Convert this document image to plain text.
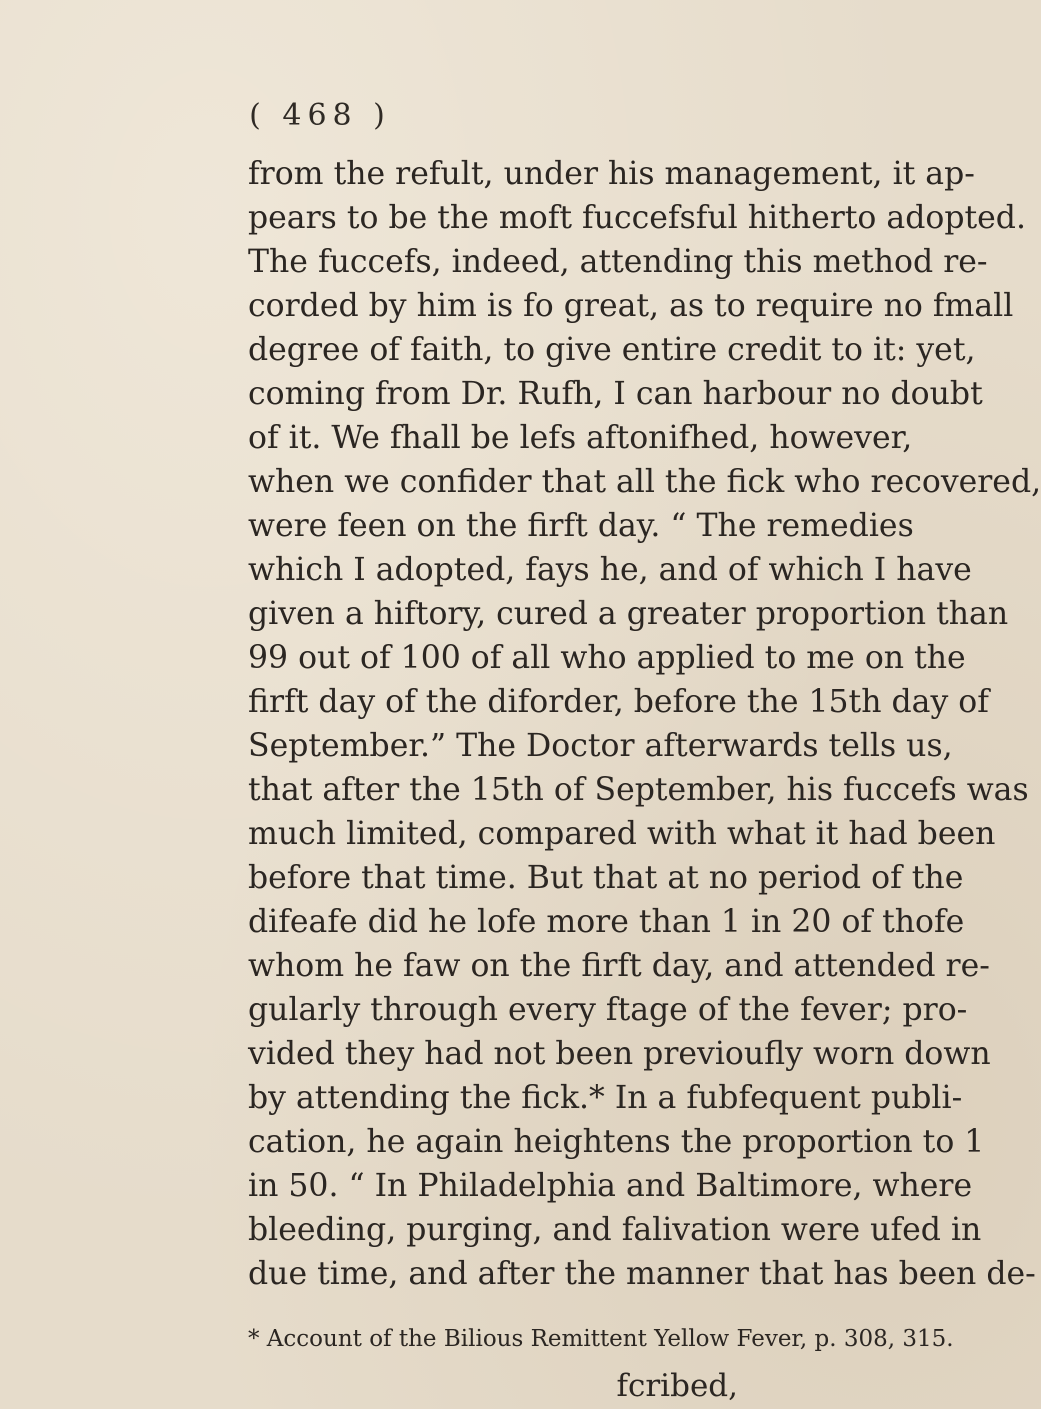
( 468 )
from the refult, under his management, it ap-
pears to be the moft fuccefsful hitherto adopted.
The fuccefs, indeed, attending this method re-
corded by him is fo great, as to require no fmall
degree of faith, to give entire credit to it: yet,
coming from Dr. Rufh, I can harbour no doubt
of it. We fhall be lefs aftonifhed, however,
when we confider that all the fick who recovered,
were feen on the firft day. “ The remedies
which I adopted, fays he, and of which I have
given a hiftory, cured a greater proportion than
99 out of 100 of all who applied to me on the
firft day of the diforder, before the 15th day of
September.” The Doctor afterwards tells us,
that after the 15th of September, his fuccefs was
much limited, compared with what it had been
before that time. But that at no period of the
difeafe did he lofe more than 1 in 20 of thofe
whom he faw on the firft day, and attended re-
gularly through every ftage of the fever; pro-
vided they had not been previoufly worn down
by attending the fick.* In a fubfequent publi-
cation, he again heightens the proportion to 1
in 50. “ In Philadelphia and Baltimore, where
bleeding, purging, and falivation were ufed in
due time, and after the manner that has been de-
* Account of the Bilious Remittent Yellow Fever, p. 308, 315.
fcribed,
